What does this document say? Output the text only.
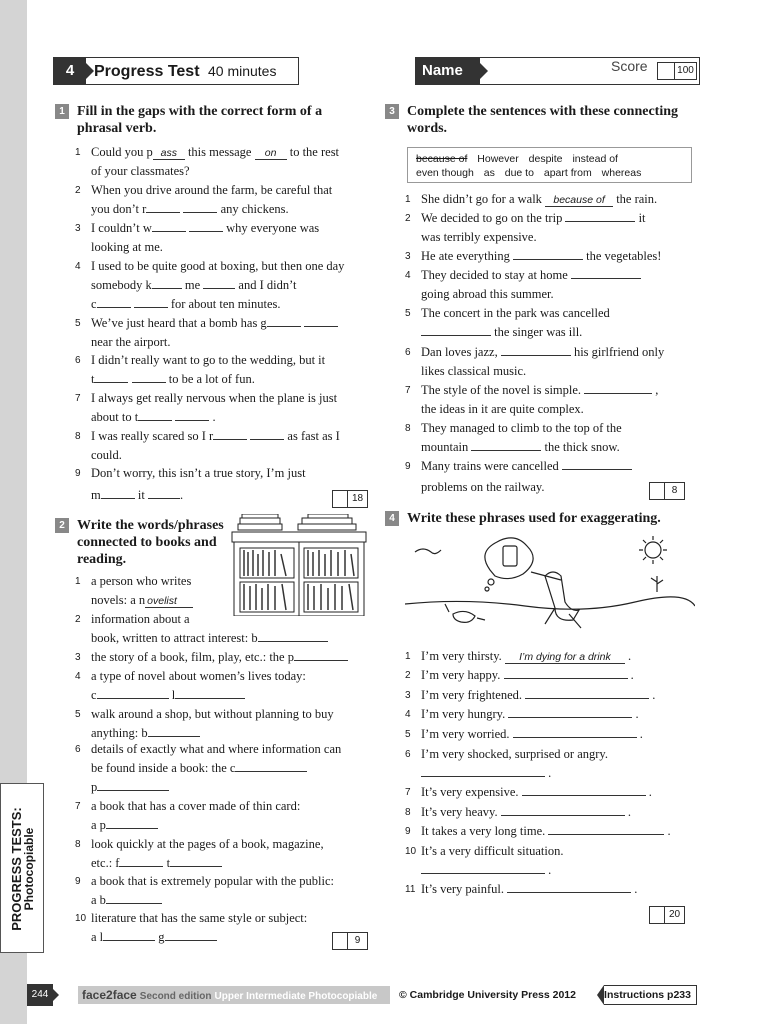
PROGRESS TESTS:
Photocopiable
4	Progress Test 40 minutes	Name	Score	100
1 Fill in the gaps with the correct form of a phrasal verb.
1 Could you p ass this message on to the rest
of your classmates?
2 When you drive around the farm, be careful that
you don’t r	any chickens.
3 I couldn’t w	why everyone was
looking at me.
4 I used to be quite good at boxing, but then one day
somebody k	me	and I didn’t
c	for about ten minutes.
5 We’ve just heard that a bomb has g
near the airport.
6 I didn’t really want to go to the wedding, but it
t	to be a lot of fun.
7 I always get really nervous when the plane is just
about to t	.
8 I was really scared so I r	as fast as I
could.
9 Don’t worry, this isn’t a true story, I’m just
m	it	.	18
2 Write the words/phrases
connected to books and
reading.
1 a person who writes
novels: a n ovelist
2 information about a
book, written to attract interest: b
3 the story of a book, film, play, etc.: the p
4 a type of novel about women’s lives today:
c	l
5 walk around a shop, but without planning to buy
anything: b
6 details of exactly what and where information can
be found inside a book: the c
p
7 a book that has a cover made of thin card:
a p
8 look quickly at the pages of a book, magazine,
etc.: f	t
9 a book that is extremely popular with the public:
a b
10 literature that has the same style or subject:
a l	g	9
3 Complete the sentences with these connecting words.
because of However despite instead of
even though as due to apart from whereas
1 She didn’t go for a walk because of the rain.
2 We decided to go on the trip	it
was terribly expensive.
3 He ate everything	the vegetables!
4 They decided to stay at home
going abroad this summer.
5 The concert in the park was cancelled
the singer was ill.
6 Dan loves jazz,	his girlfriend only
likes classical music.
7 The style of the novel is simple.	,
the ideas in it are quite complex.
8 They managed to climb to the top of the
mountain	the thick snow.
9 Many trains were cancelled
problems on the railway.	8
4 Write these phrases used for exaggerating.
1 I’m very thirsty. I’m dying for a drink .
2 I’m very happy.	.
3 I’m very frightened.	.
4 I’m very hungry.	.
5 I’m very worried.	.
6 I’m very shocked, surprised or angry.
.
7 It’s very expensive.	.
8 It’s very heavy.	.
9 It takes a very long time.	.
10 It’s a very difficult situation.
.
11 It’s very painful.	.
20
244	face2face Second edition Upper Intermediate Photocopiable	© Cambridge University Press 2012	Instructions p233
